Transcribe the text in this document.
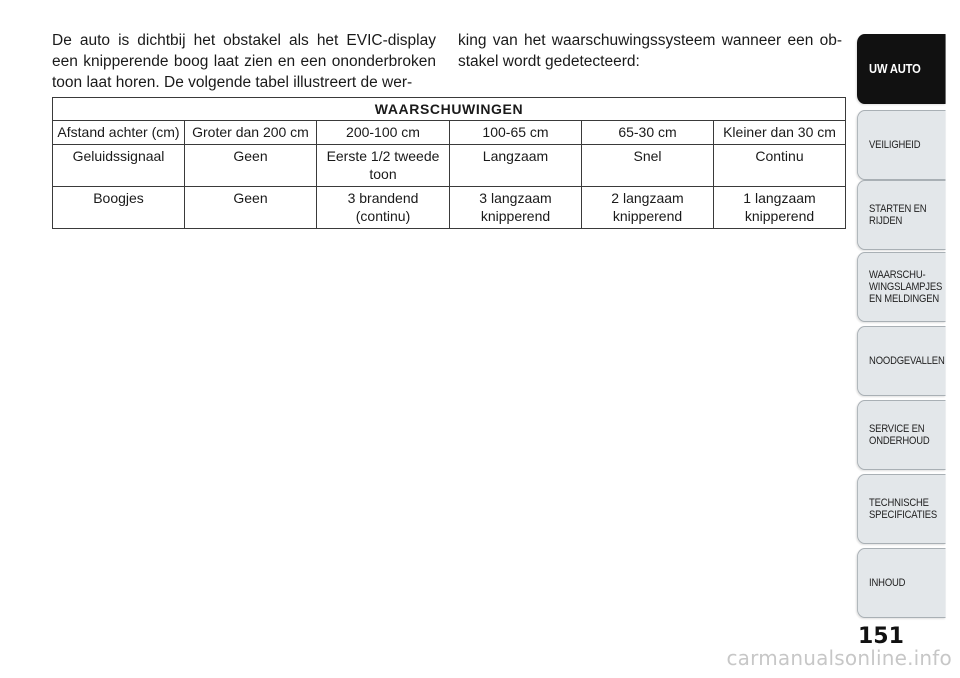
De auto is dichtbij het obstakel als het EVIC-display een knipperende boog laat zien en een ononderbroken toon laat horen. De volgende tabel illustreert de wer-

king van het waarschuwingssysteem wanneer een ob- stakel wordt gedetecteerd:

WAARSCHUWINGEN					
Afstand achter (cm)	Groter dan 200 cm	200-100 cm	100-65 cm	65-30 cm	Kleiner dan 30 cm
Geluidssignaal	Geen	Eerste 1/2 tweede toon	Langzaam	Snel	Continu
Boogjes	Geen	3 brandend (continu)	3 langzaam knipperend	2 langzaam knipperend	1 langzaam knipperend
UW AUTO
VEILIGHEID
STARTEN EN
RIJDEN
WAARSCHU-
WINGSLAMPJES
EN MELDINGEN
NOODGEVALLEN
SERVICE EN
ONDERHOUD
TECHNISCHE
SPECIFICATIES
INHOUD
151
carmanualsonline.info
